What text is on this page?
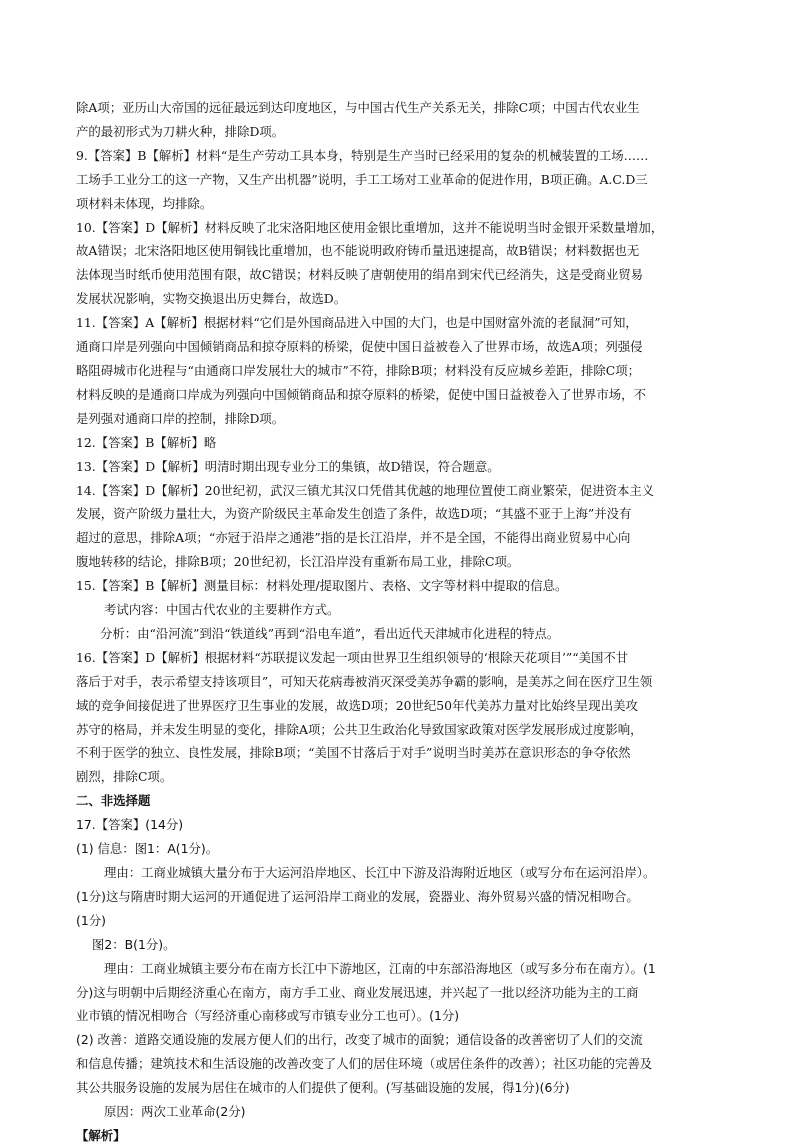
除A项；亚历山大帝国的远征最远到达印度地区，与中国古代生产关系无关，排除C项；中国古代农业生

产的最初形式为刀耕火种，排除D项。

9.【答案】B【解析】材料“是生产劳动工具本身，特别是生产当时已经采用的复杂的机械装置的工场……

工场手工业分工的这一产物，又生产出机器”说明，手工工场对工业革命的促进作用，B项正确。A.C.D三

项材料未体现，均排除。

10.【答案】D【解析】材料反映了北宋洛阳地区使用金银比重增加，这并不能说明当时金银开采数量增加，

故A错误；北宋洛阳地区使用铜钱比重增加，也不能说明政府铸币量迅速提高，故B错误；材料数据也无

法体现当时纸币使用范围有限，故C错误；材料反映了唐朝使用的绢帛到宋代已经消失，这是受商业贸易

发展状况影响，实物交换退出历史舞台，故选D。

11.【答案】A【解析】根据材料“它们是外国商品进入中国的大门，也是中国财富外流的老鼠洞”可知，

通商口岸是列强向中国倾销商品和掠夺原料的桥梁，促使中国日益被卷入了世界市场，故选A项；列强侵

略阻碍城市化进程与“由通商口岸发展壮大的城市”不符，排除B项；材料没有反应城乡差距，排除C项；

材料反映的是通商口岸成为列强向中国倾销商品和掠夺原料的桥梁，促使中国日益被卷入了世界市场，不

是列强对通商口岸的控制，排除D项。

12.【答案】B【解析】略

13.【答案】D【解析】明清时期出现专业分工的集镇，故D错误，符合题意。

14.【答案】D【解析】20世纪初，武汉三镇尤其汉口凭借其优越的地理位置使工商业繁荣，促进资本主义

发展，资产阶级力量壮大，为资产阶级民主革命发生创造了条件，故选D项；“其盛不亚于上海”并没有

超过的意思，排除A项；“亦冠于沿岸之通港”指的是长江沿岸，并不是全国，不能得出商业贸易中心向

腹地转移的结论，排除B项；20世纪初，长江沿岸没有重新布局工业，排除C项。

15.【答案】B【解析】测量目标：材料处理/提取图片、表格、文字等材料中提取的信息。

考试内容：中国古代农业的主要耕作方式。

分析：由“沿河流”到沿“铁道线”再到“沿电车道”，看出近代天津城市化进程的特点。

16.【答案】D【解析】根据材料“苏联提议发起一项由世界卫生组织领导的‘根除天花项目’”“美国不甘

落后于对手，表示希望支持该项目”，可知天花病毒被消灭深受美苏争霸的影响，是美苏之间在医疗卫生领

域的竞争间接促进了世界医疗卫生事业的发展，故选D项；20世纪50年代美苏力量对比始终呈现出美攻

苏守的格局，并未发生明显的变化，排除A项；公共卫生政治化导致国家政策对医学发展形成过度影响，

不利于医学的独立、良性发展，排除B项；“美国不甘落后于对手”说明当时美苏在意识形态的争夺依然

剧烈，排除C项。

二、非选择题

17.【答案】(14分)

(1) 信息：图1：A(1分)。

理由：工商业城镇大量分布于大运河沿岸地区、长江中下游及沿海附近地区（或写分布在运河沿岸）。

(1分)这与隋唐时期大运河的开通促进了运河沿岸工商业的发展，瓷器业、海外贸易兴盛的情况相吻合。

(1分)

图2：B(1分)。

理由：工商业城镇主要分布在南方长江中下游地区，江南的中东部沿海地区（或写多分布在南方）。(1

分)这与明朝中后期经济重心在南方，南方手工业、商业发展迅速，并兴起了一批以经济功能为主的工商

业市镇的情况相吻合（写经济重心南移或写市镇专业分工也可）。(1分)

(2) 改善：道路交通设施的发展方便人们的出行，改变了城市的面貌；通信设备的改善密切了人们的交流

和信息传播；建筑技术和生活设施的改善改变了人们的居住环境（或居住条件的改善）；社区功能的完善及

其公共服务设施的发展为居住在城市的人们提供了便利。(写基础设施的发展，得1分)(6分)

原因：两次工业革命(2分)

【解析】
